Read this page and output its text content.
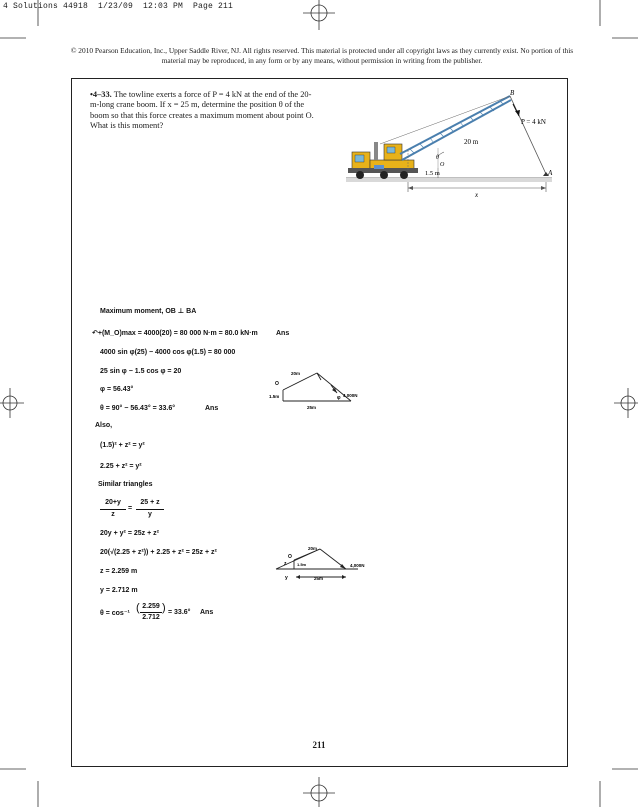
4 Solutions 44918  1/23/09  12:03 PM  Page 211
© 2010 Pearson Education, Inc., Upper Saddle River, NJ. All rights reserved. This material is protected under all copyright laws as they currently exist. No portion of this material may be reproduced, in any form or by any means, without permission in writing from the publisher.
•4–33. The towline exerts a force of P = 4 kN at the end of the 20-m-long crane boom. If x = 25 m, determine the position θ of the boom so that this force creates a maximum moment about point O. What is this moment?
B
P = 4 kN
20 m
θ
O
1.5 m	A
x
Maximum moment, OB ⊥ BA
↶+(M_O)max = 4000(20) = 80 000 N·m = 80.0 kN·m	Ans
4000 sin φ(25) − 4000 cos φ(1.5) = 80 000
25 sin φ − 1.5 cos φ = 20
φ = 56.43°
θ = 90° − 56.43° = 33.6°	Ans
Also,
(1.5)² + z² = y²
2.25 + z² = y²
Similar triangles
20+y
z
=
25 + z
y
20y + y² = 25z + z²
20(√(2.25 + z²)) + 2.25 + z² = 25z + z²
z = 2.259 m
y = 2.712 m
θ = cos⁻¹ ( 2.259
2.712
) = 33.6° Ans
20m
O
1.5m	φ
25m
4,000N
20m
O
1.5m
z
y	25m
4,000N
211
